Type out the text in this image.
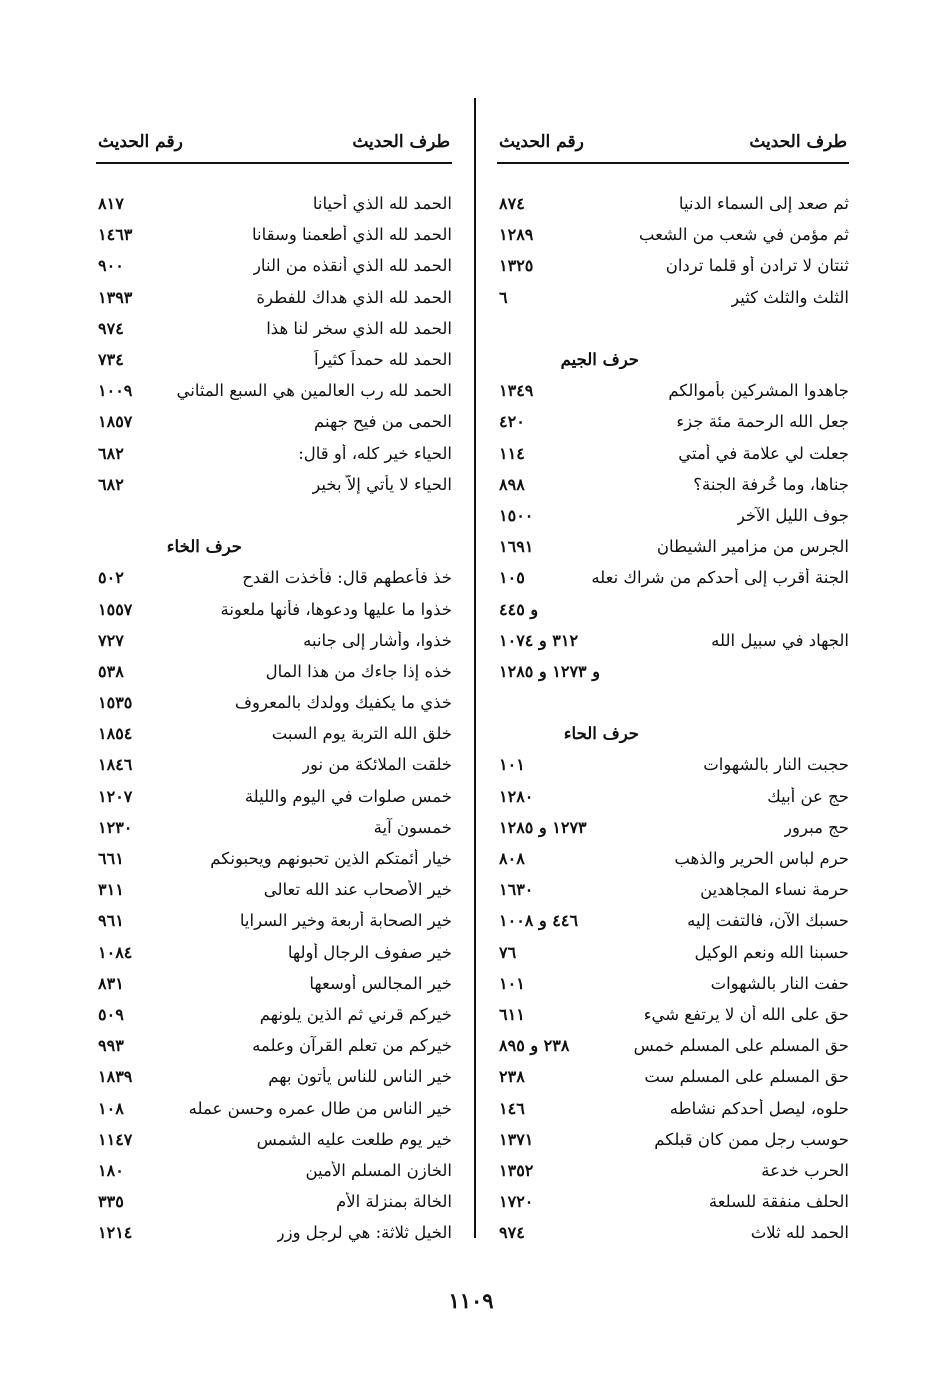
طرف الحديث
رقم الحديث
ثم صعد إلى السماء الدنيا
٨٧٤
ثم مؤمن في شعب من الشعب
١٢٨٩
ثنتان لا ترادن أو قلما تردان
١٣٢٥
الثلث والثلث كثير
٦
حرف الجيم
جاهدوا المشركين بأموالكم
١٣٤٩
جعل الله الرحمة مئة جزء
٤٢٠
جعلت لي علامة في أمتي
١١٤
جناها، وما خُرفة الجنة؟
٨٩٨
جوف الليل الآخر
١٥٠٠
الجرس من مزامير الشيطان
١٦٩١
الجنة أقرب إلى أحدكم من شراك نعله
١٠٥
و ٤٤٥
الجهاد في سبيل الله
٣١٢ و ١٠٧٤
و ١٢٧٣ و ١٢٨٥
حرف الحاء
حجبت النار بالشهوات
١٠١
حج عن أبيك
١٢٨٠
حج مبرور
١٢٧٣ و ١٢٨٥
حرم لباس الحرير والذهب
٨٠٨
حرمة نساء المجاهدين
١٦٣٠
حسبك الآن، فالتفت إليه
٤٤٦ و ١٠٠٨
حسبنا الله ونعم الوكيل
٧٦
حفت النار بالشهوات
١٠١
حق على الله أن لا يرتفع شيء
٦١١
حق المسلم على المسلم خمس
٢٣٨ و ٨٩٥
حق المسلم على المسلم ست
٢٣٨
حلوه، ليصل أحدكم نشاطه
١٤٦
حوسب رجل ممن كان قبلكم
١٣٧١
الحرب خدعة
١٣٥٢
الحلف منفقة للسلعة
١٧٢٠
الحمد لله ثلاث
٩٧٤
طرف الحديث
رقم الحديث
الحمد لله الذي أحيانا
٨١٧
الحمد لله الذي أطعمنا وسقانا
١٤٦٣
الحمد لله الذي أنقذه من النار
٩٠٠
الحمد لله الذي هداك للفطرة
١٣٩٣
الحمد لله الذي سخر لنا هذا
٩٧٤
الحمد لله حمداً كثيراً
٧٣٤
الحمد لله رب العالمين هي السبع المثاني
١٠٠٩
الحمى من فيح جهنم
١٨٥٧
الحياء خير كله، أو قال:
٦٨٢
الحياء لا يأتي إلاّ بخير
٦٨٢
حرف الخاء
خذ فأعطهم قال: فأخذت القدح
٥٠٢
خذوا ما عليها ودعوها، فأنها ملعونة
١٥٥٧
خذوا، وأشار إلى جانبه
٧٢٧
خذه إذا جاءك من هذا المال
٥٣٨
خذي ما يكفيك وولدك بالمعروف
١٥٣٥
خلق الله التربة يوم السبت
١٨٥٤
خلقت الملائكة من نور
١٨٤٦
خمس صلوات في اليوم والليلة
١٢٠٧
خمسون آية
١٢٣٠
خيار أئمتكم الذين تحبونهم ويحبونكم
٦٦١
خير الأصحاب عند الله تعالى
٣١١
خير الصحابة أربعة وخير السرايا
٩٦١
خير صفوف الرجال أولها
١٠٨٤
خير المجالس أوسعها
٨٣١
خيركم قرني ثم الذين يلونهم
٥٠٩
خيركم من تعلم القرآن وعلمه
٩٩٣
خير الناس للناس يأتون بهم
١٨٣٩
خير الناس من طال عمره وحسن عمله
١٠٨
خير يوم طلعت عليه الشمس
١١٤٧
الخازن المسلم الأمين
١٨٠
الخالة بمنزلة الأم
٣٣٥
الخيل ثلاثة: هي لرجل وزر
١٢١٤
١١٠٩
